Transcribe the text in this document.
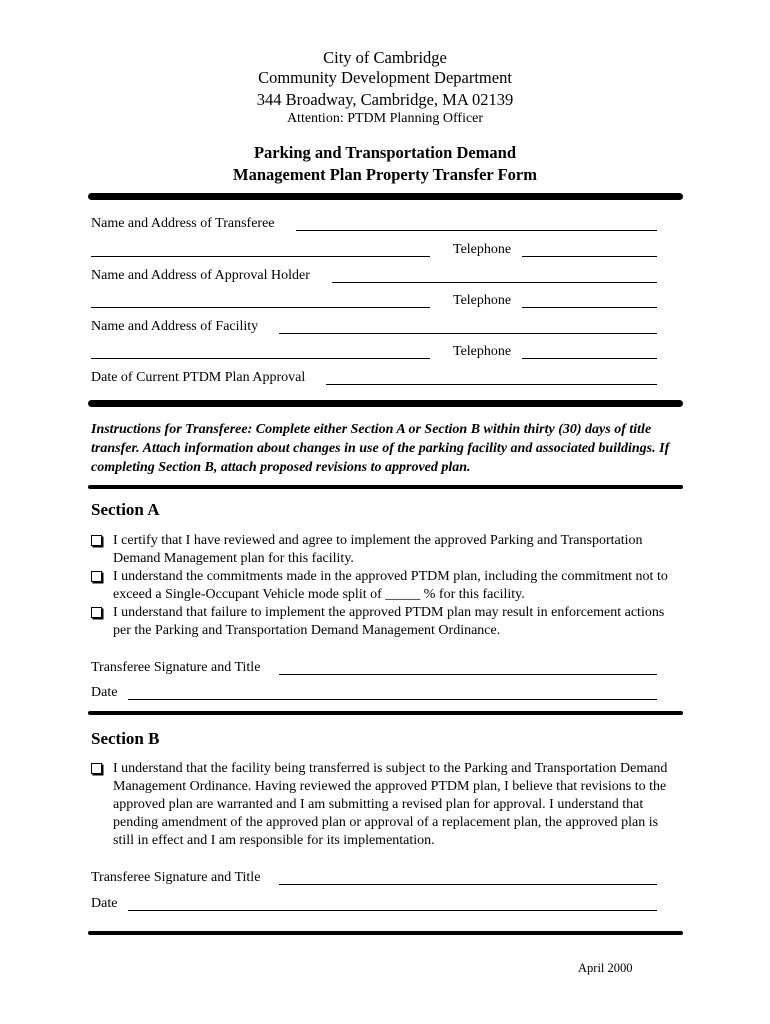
City of Cambridge
Community Development Department
344 Broadway, Cambridge, MA 02139
Attention: PTDM Planning Officer
Parking and Transportation Demand
Management Plan Property Transfer Form
Name and Address of Transferee
Telephone
Name and Address of Approval Holder
Telephone
Name and Address of Facility
Telephone
Date of Current PTDM Plan Approval
Instructions for Transferee: Complete either Section A or Section B within thirty (30) days of title transfer. Attach information about changes in use of the parking facility and associated buildings. If completing Section B, attach proposed revisions to approved plan.
Section A
I certify that I have reviewed and agree to implement the approved Parking and Transportation Demand Management plan for this facility.
I understand the commitments made in the approved PTDM plan, including the commitment not to exceed a Single-Occupant Vehicle mode split of _____ % for this facility.
I understand that failure to implement the approved PTDM plan may result in enforcement actions per the Parking and Transportation Demand Management Ordinance.
Transferee Signature and Title
Date
Section B
I understand that the facility being transferred is subject to the Parking and Transportation Demand Management Ordinance. Having reviewed the approved PTDM plan, I believe that revisions to the approved plan are warranted and I am submitting a revised plan for approval. I understand that pending amendment of the approved plan or approval of a replacement plan, the approved plan is still in effect and I am responsible for its implementation.
Transferee Signature and Title
Date
April 2000
